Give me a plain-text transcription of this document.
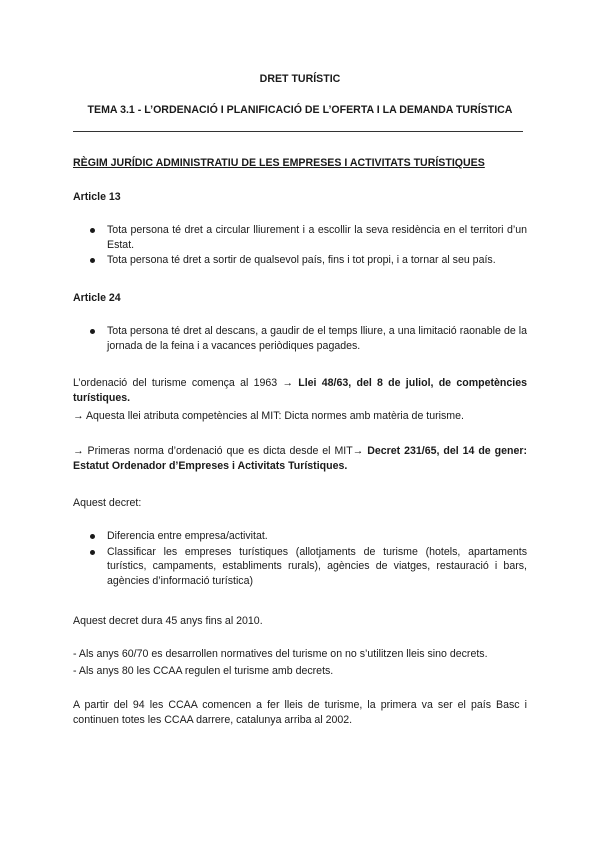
DRET TURÍSTIC
TEMA 3.1 - L’ORDENACIÓ I PLANIFICACIÓ DE L’OFERTA I LA DEMANDA TURÍSTICA
RÈGIM JURÍDIC ADMINISTRATIU DE LES EMPRESES I ACTIVITATS TURÍSTIQUES
Article 13
Tota persona té dret a circular lliurement i a escollir la seva residència en el territori d’un Estat.
Tota persona té dret a sortir de qualsevol país, fins i tot propi, i a tornar al seu país.
Article 24
Tota persona té dret al descans, a gaudir de el temps lliure, a una limitació raonable de la jornada de la feina i a vacances periòdiques pagades.
L’ordenació del turisme comença al 1963 → Llei 48/63, del 8 de juliol, de competències turístiques.
→ Aquesta llei atributa competències al MIT: Dicta normes amb matèria de turisme.
→ Primeras norma d’ordenació que es dicta desde el MIT→ Decret 231/65, del 14 de gener: Estatut Ordenador d’Empreses i Activitats Turístiques.
Aquest decret:
Diferencia entre empresa/activitat.
Classificar les empreses turístiques (allotjaments de turisme (hotels, apartaments turístics, campaments, establiments rurals), agències de viatges, restauració i bars, agències d’informació turística)
Aquest decret dura 45 anys fins al 2010.
- Als anys 60/70 es desarrollen normatives del turisme on no s’utilitzen lleis sino decrets.
- Als anys 80 les CCAA regulen el turisme amb decrets.
A partir del 94 les CCAA comencen a fer lleis de turisme, la primera va ser el país Basc i continuen totes les CCAA darrere, catalunya arriba al 2002.
